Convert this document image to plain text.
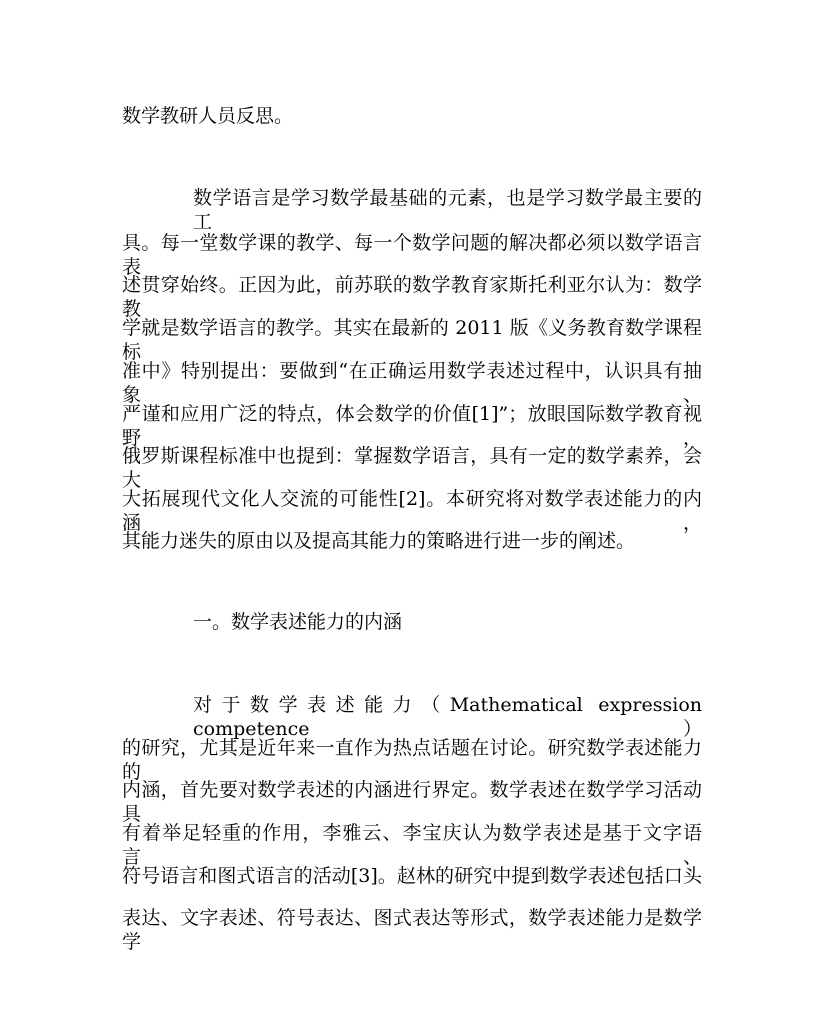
数学教研人员反思。
数学语言是学习数学最基础的元素，也是学习数学最主要的工
具。每一堂数学课的教学、每一个数学问题的解决都必须以数学语言表
述贯穿始终。正因为此，前苏联的数学教育家斯托利亚尔认为：数学教
学就是数学语言的教学。其实在最新的 2011 版《义务教育数学课程标
准中》特别提出：要做到“在正确运用数学表述过程中，认识具有抽象、
严谨和应用广泛的特点，体会数学的价值[1]”；放眼国际数学教育视野，
俄罗斯课程标准中也提到：掌握数学语言，具有一定的数学素养，会大
大拓展现代文化人交流的可能性[2]。本研究将对数学表述能力的内涵，
其能力迷失的原由以及提高其能力的策略进行进一步的阐述。
一。数学表述能力的内涵
对于数学表述能力（Mathematical expression competence）
的研究，尤其是近年来一直作为热点话题在讨论。研究数学表述能力的
内涵，首先要对数学表述的内涵进行界定。数学表述在数学学习活动具
有着举足轻重的作用，李雅云、李宝庆认为数学表述是基于文字语言、
符号语言和图式语言的活动[3]。赵林的研究中提到数学表述包括口头
表达、文字表述、符号表达、图式表达等形式，数学表述能力是数学学
